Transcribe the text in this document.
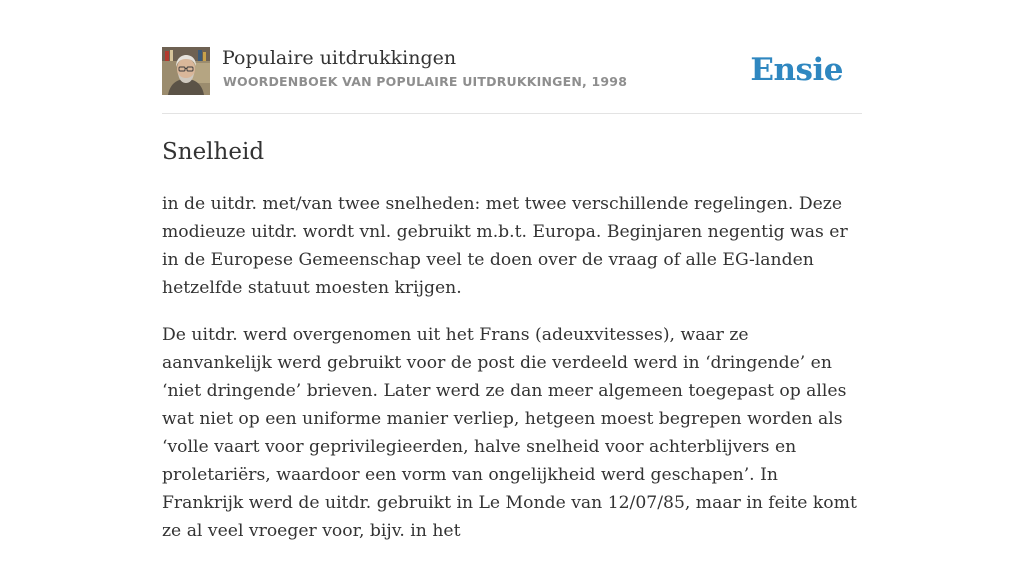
Populaire uitdrukkingen
WOORDENBOEK VAN POPULAIRE UITDRUKKINGEN, 1998	Ensie
Snelheid

in de uitdr. met/van twee snelheden: met twee verschillende regelingen. Deze modieuze uitdr. wordt vnl. gebruikt m.b.t. Europa. Beginjaren negentig was er in de Europese Gemeenschap veel te doen over de vraag of alle EG-landen hetzelfde statuut moesten krijgen.

De uitdr. werd overgenomen uit het Frans (adeuxvitesses), waar ze aanvankelijk werd gebruikt voor de post die verdeeld werd in ‘dringende’ en ‘niet dringende’ brieven. Later werd ze dan meer algemeen toegepast op alles wat niet op een uniforme manier verliep, hetgeen moest begrepen worden als ‘volle vaart voor geprivilegieerden, halve snelheid voor achterblijvers en proletariërs, waardoor een vorm van ongelijkheid werd geschapen’. In Frankrijk werd de uitdr. gebruikt in Le Monde van 12/07/85, maar in feite komt ze al veel vroeger voor, bijv. in het
